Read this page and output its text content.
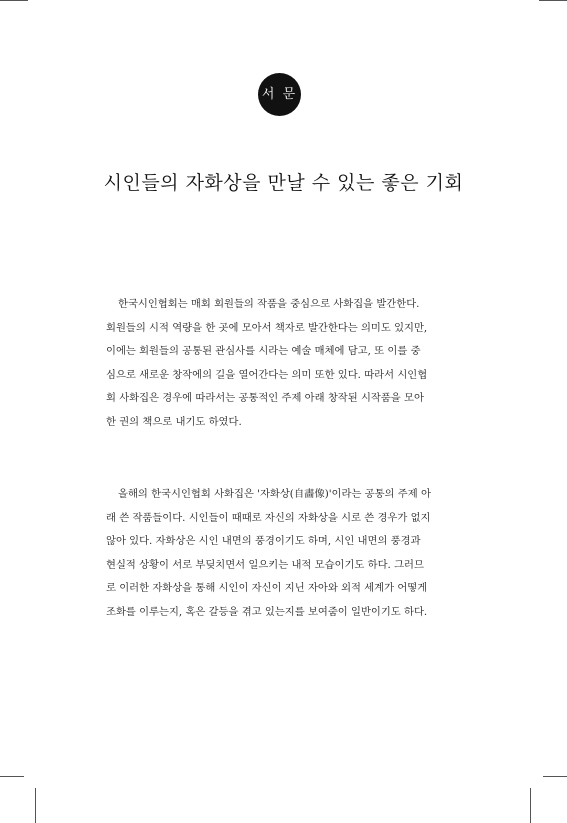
서 문
시인들의 자화상을 만날 수 있는 좋은 기회
한국시인협회는 매회 회원들의 작품을 중심으로 사화집을 발간한다.
회원들의 시적 역량을 한 곳에 모아서 책자로 발간한다는 의미도 있지만,
이에는 회원들의 공통된 관심사를 시라는 예술 매체에 담고, 또 이를 중
심으로 새로운 창작에의 길을 열어간다는 의미 또한 있다. 따라서 시인협
회 사화집은 경우에 따라서는 공통적인 주제 아래 창작된 시작품을 모아
한 권의 책으로 내기도 하였다.
올해의 한국시인협회 사화집은 '자화상(自畵像)'이라는 공통의 주제 아
래 쓴 작품들이다. 시인들이 때때로 자신의 자화상을 시로 쓴 경우가 없지
않아 있다. 자화상은 시인 내면의 풍경이기도 하며, 시인 내면의 풍경과
현실적 상황이 서로 부딪치면서 일으키는 내적 모습이기도 하다. 그러므
로 이러한 자화상을 통해 시인이 자신이 지닌 자아와 외적 세계가 어떻게
조화를 이루는지, 혹은 갈등을 겪고 있는지를 보여줌이 일반이기도 하다.
